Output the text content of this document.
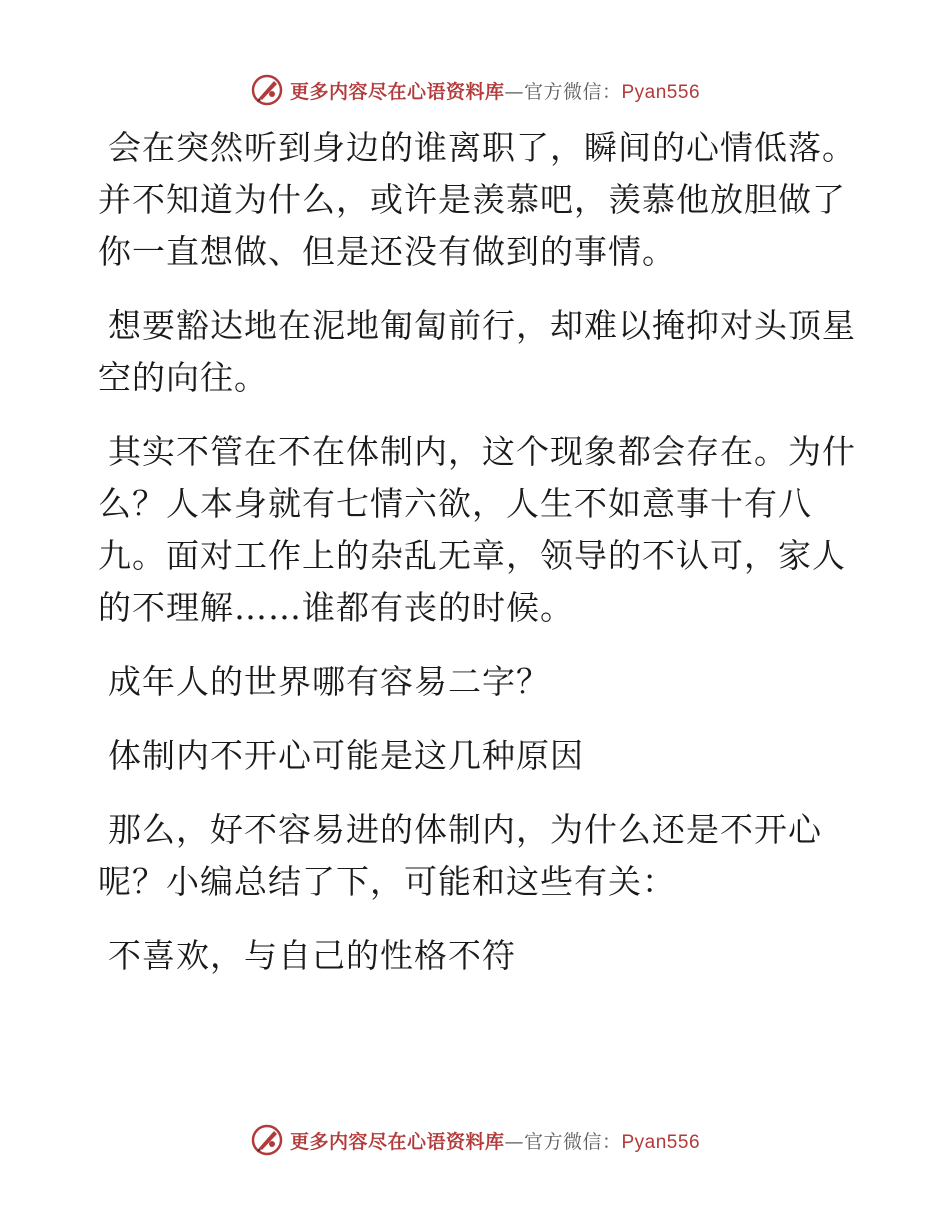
更多内容尽在心语资料库—官方微信：Pyan556

会在突然听到身边的谁离职了，瞬间的心情低落。并不知道为什么，或许是羡慕吧，羡慕他放胆做了你一直想做、但是还没有做到的事情。

想要豁达地在泥地匍匐前行，却难以掩抑对头顶星空的向往。

其实不管在不在体制内，这个现象都会存在。为什么？人本身就有七情六欲，人生不如意事十有八九。面对工作上的杂乱无章，领导的不认可，家人的不理解……谁都有丧的时候。

成年人的世界哪有容易二字？

体制内不开心可能是这几种原因

那么，好不容易进的体制内，为什么还是不开心呢？小编总结了下，可能和这些有关：

不喜欢，与自己的性格不符

更多内容尽在心语资料库—官方微信：Pyan556
